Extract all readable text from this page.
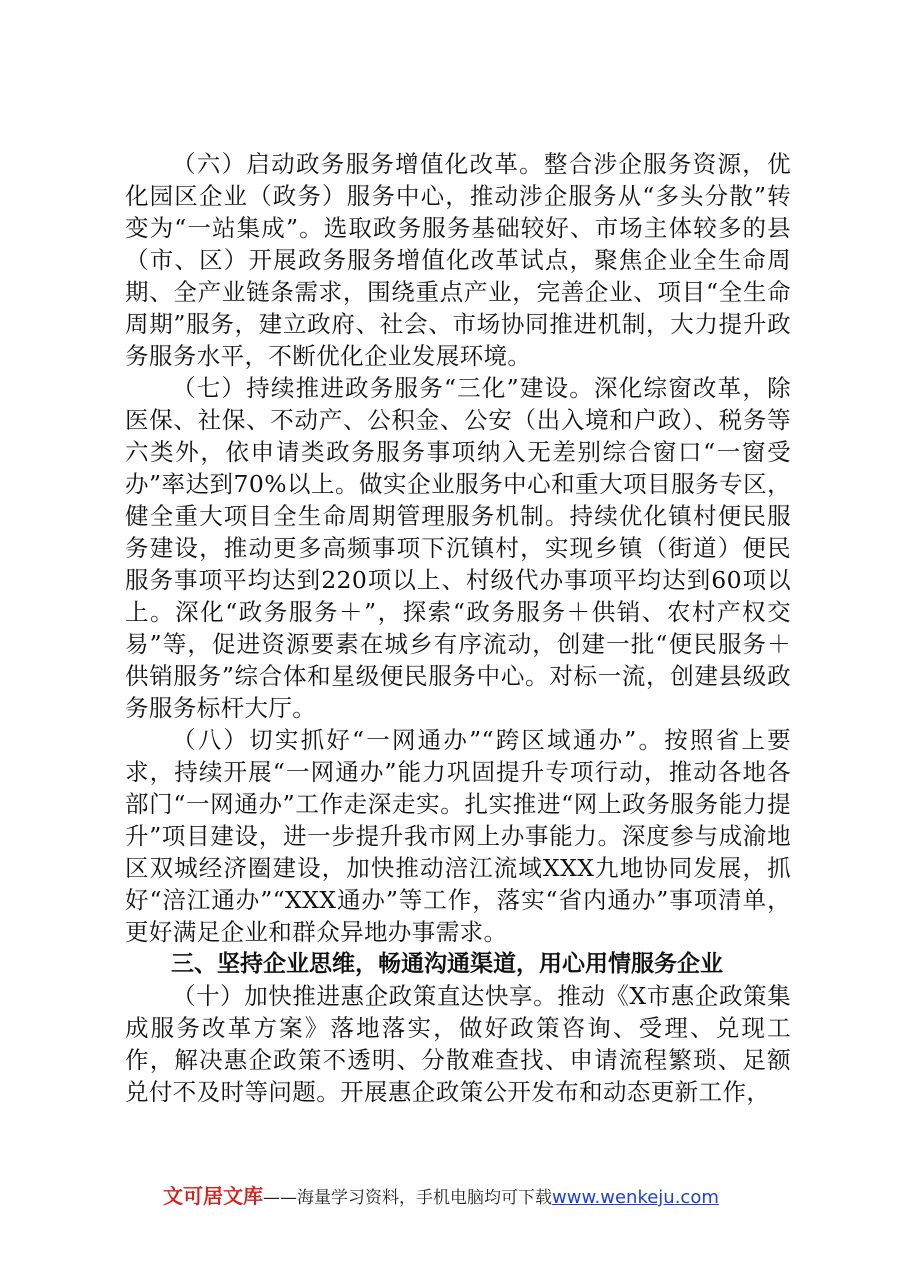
（六）启动政务服务增值化改革。整合涉企服务资源，优化园区企业（政务）服务中心，推动涉企服务从“多头分散”转变为“一站集成”。选取政务服务基础较好、市场主体较多的县（市、区）开展政务服务增值化改革试点，聚焦企业全生命周期、全产业链条需求，围绕重点产业，完善企业、项目“全生命周期”服务，建立政府、社会、市场协同推进机制，大力提升政务服务水平，不断优化企业发展环境。

（七）持续推进政务服务“三化”建设。深化综窗改革，除医保、社保、不动产、公积金、公安（出入境和户政）、税务等六类外，依申请类政务服务事项纳入无差别综合窗口“一窗受办”率达到70%以上。做实企业服务中心和重大项目服务专区，健全重大项目全生命周期管理服务机制。持续优化镇村便民服务建设，推动更多高频事项下沉镇村，实现乡镇（街道）便民服务事项平均达到220项以上、村级代办事项平均达到60项以上。深化“政务服务＋”，探索“政务服务＋供销、农村产权交易”等，促进资源要素在城乡有序流动，创建一批“便民服务＋供销服务”综合体和星级便民服务中心。对标一流，创建县级政务服务标杆大厅。

（八）切实抓好“一网通办”“跨区域通办”。按照省上要求，持续开展“一网通办”能力巩固提升专项行动，推动各地各部门“一网通办”工作走深走实。扎实推进“网上政务服务能力提升”项目建设，进一步提升我市网上办事能力。深度参与成渝地区双城经济圈建设，加快推动涪江流域XXX九地协同发展，抓好“涪江通办”“XXX通办”等工作，落实“省内通办”事项清单，更好满足企业和群众异地办事需求。

三、坚持企业思维，畅通沟通渠道，用心用情服务企业

（十）加快推进惠企政策直达快享。推动《X市惠企政策集成服务改革方案》落地落实，做好政策咨询、受理、兑现工作，解决惠企政策不透明、分散难查找、申请流程繁琐、足额兑付不及时等问题。开展惠企政策公开发布和动态更新工作，

文可居文库——海量学习资料，手机电脑均可下载www.wenkeju.com
